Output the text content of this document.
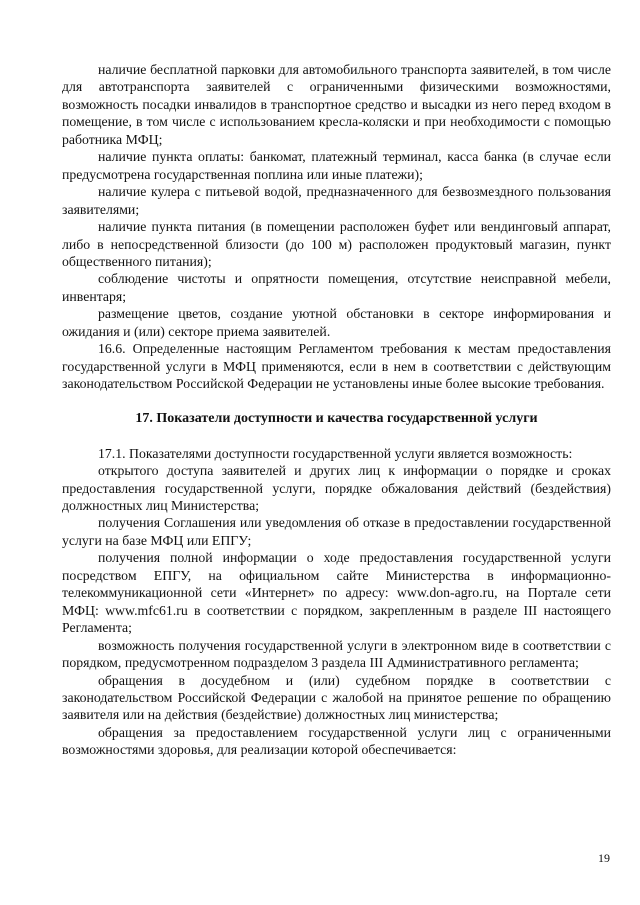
наличие бесплатной парковки для автомобильного транспорта заявителей, в том числе для автотранспорта заявителей с ограниченными физическими возможностями, возможность посадки инвалидов в транспортное средство и высадки из него перед входом в помещение, в том числе с использованием кресла-коляски и при необходимости с помощью работника МФЦ;

наличие пункта оплаты: банкомат, платежный терминал, касса банка (в случае если предусмотрена государственная поплина или иные платежи);

наличие кулера с питьевой водой, предназначенного для безвозмездного пользования заявителями;

наличие пункта питания (в помещении расположен буфет или вендинговый аппарат, либо в непосредственной близости (до 100 м) расположен продуктовый магазин, пункт общественного питания);

соблюдение чистоты и опрятности помещения, отсутствие неисправной мебели, инвентаря;

размещение цветов, создание уютной обстановки в секторе информирования и ожидания и (или) секторе приема заявителей.

16.6. Определенные настоящим Регламентом требования к местам предоставления государственной услуги в МФЦ применяются, если в нем в соответствии с действующим законодательством Российской Федерации не установлены иные более высокие требования.

17. Показатели доступности и качества государственной услуги

17.1. Показателями доступности государственной услуги является возможность:

открытого доступа заявителей и других лиц к информации о порядке и сроках предоставления государственной услуги, порядке обжалования действий (бездействия) должностных лиц Министерства;

получения Соглашения или уведомления об отказе в предоставлении государственной услуги на базе МФЦ или ЕПГУ;

получения полной информации о ходе предоставления государственной услуги посредством ЕПГУ, на официальном сайте Министерства в информационно-телекоммуникационной сети «Интернет» по адресу: www.don-agro.ru, на Портале сети МФЦ: www.mfc61.ru в соответствии с порядком, закрепленным в разделе III настоящего Регламента;

возможность получения государственной услуги в электронном виде в соответствии с порядком, предусмотренном подразделом 3 раздела III Административного регламента;

обращения в досудебном и (или) судебном порядке в соответствии с законодательством Российской Федерации с жалобой на принятое решение по обращению заявителя или на действия (бездействие) должностных лиц министерства;

обращения за предоставлением государственной услуги лиц с ограниченными возможностями здоровья, для реализации которой обеспечивается:

19
